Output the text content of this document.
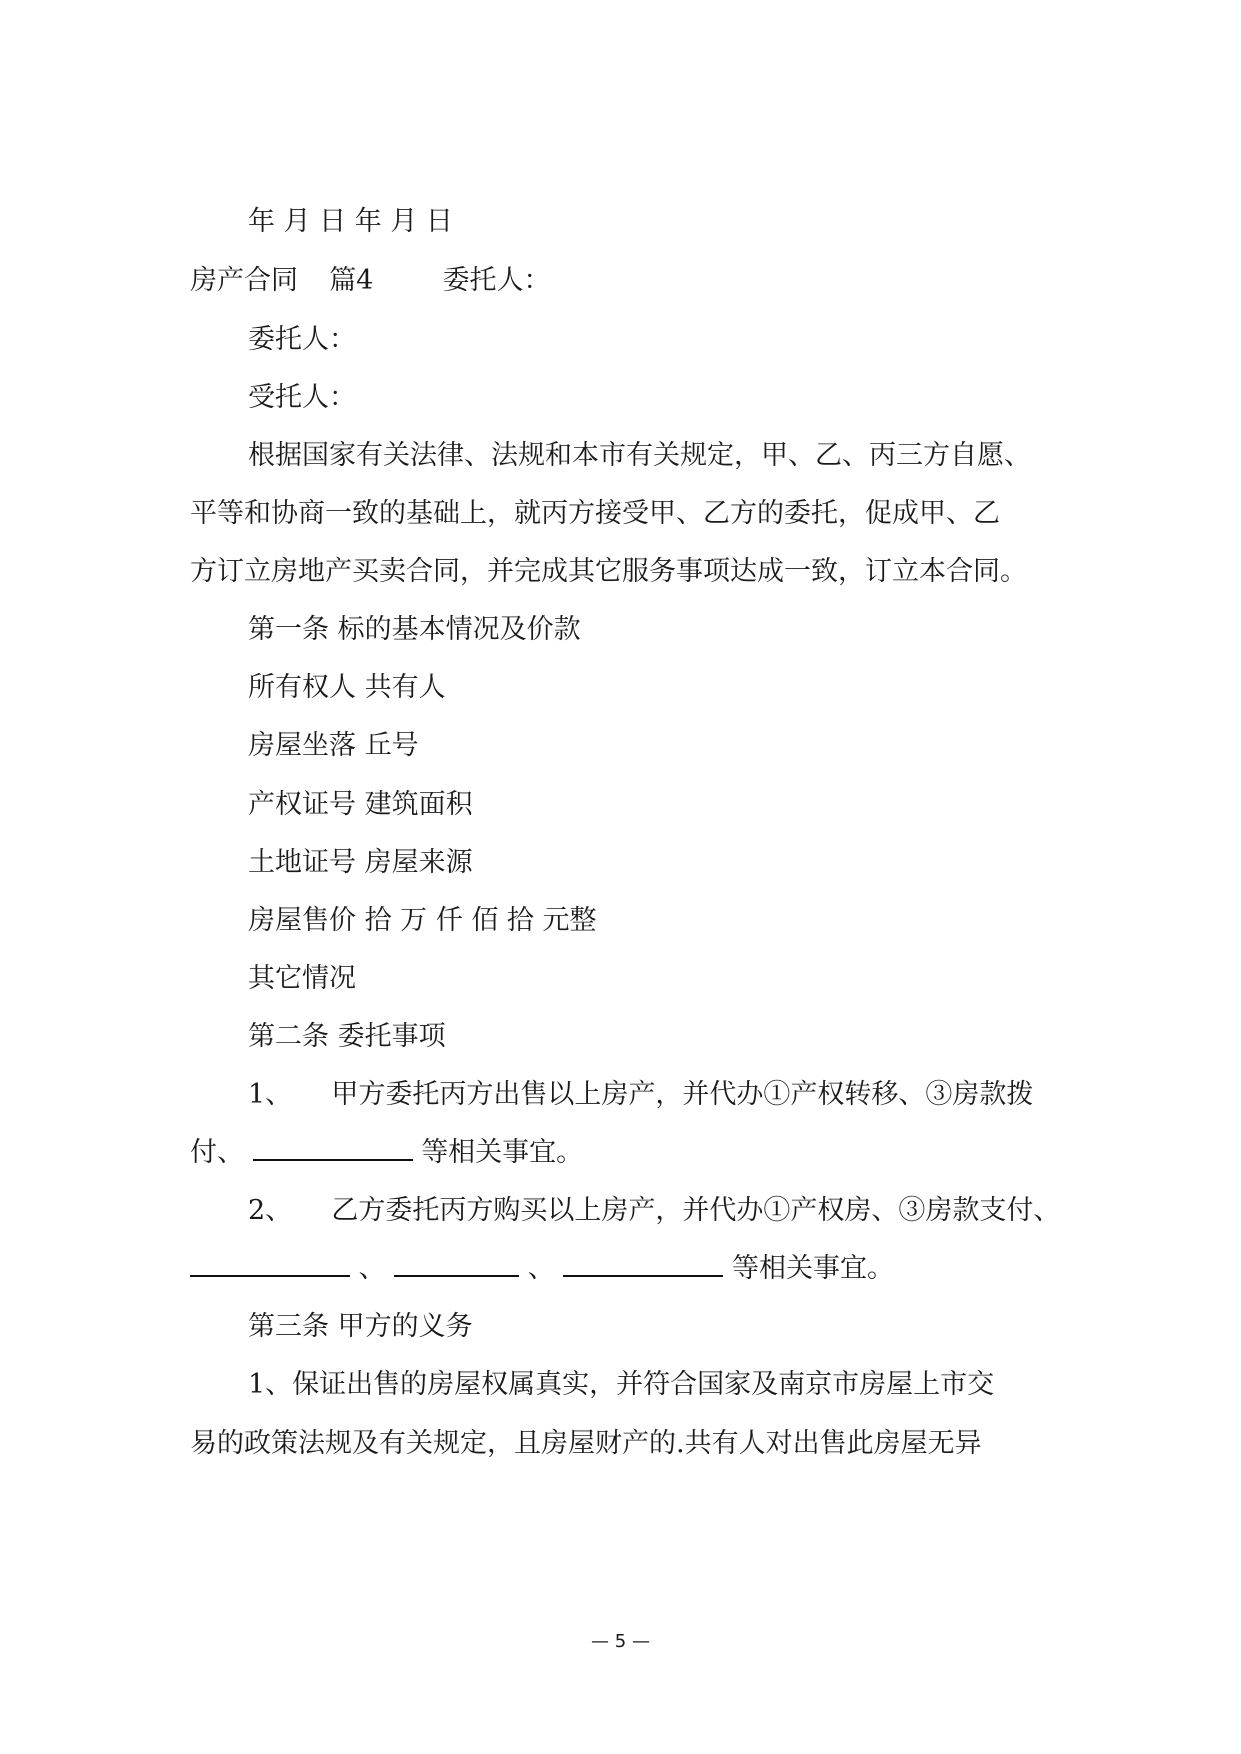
年 月 日 年 月 日
房产合同 篇4	委托人：
委托人：
受托人：
根据国家有关法律、法规和本市有关规定，甲、乙、丙三方自愿、
平等和协商一致的基础上，就丙方接受甲、乙方的委托，促成甲、乙
方订立房地产买卖合同，并完成其它服务事项达成一致，订立本合同。
第一条 标的基本情况及价款
所有权人 共有人
房屋坐落 丘号
产权证号 建筑面积
土地证号 房屋来源
房屋售价 拾 万 仟 佰 拾 元整
其它情况
第二条 委托事项
1、 甲方委托丙方出售以上房产，并代办①产权转移、③房款拨
付、	等相关事宜。
2、 乙方委托丙方购买以上房产，并代办①产权房、③房款支付、
、	、	等相关事宜。
第三条 甲方的义务
1、保证出售的房屋权属真实，并符合国家及南京市房屋上市交
易的政策法规及有关规定，且房屋财产的.共有人对出售此房屋无异
— 5 —
